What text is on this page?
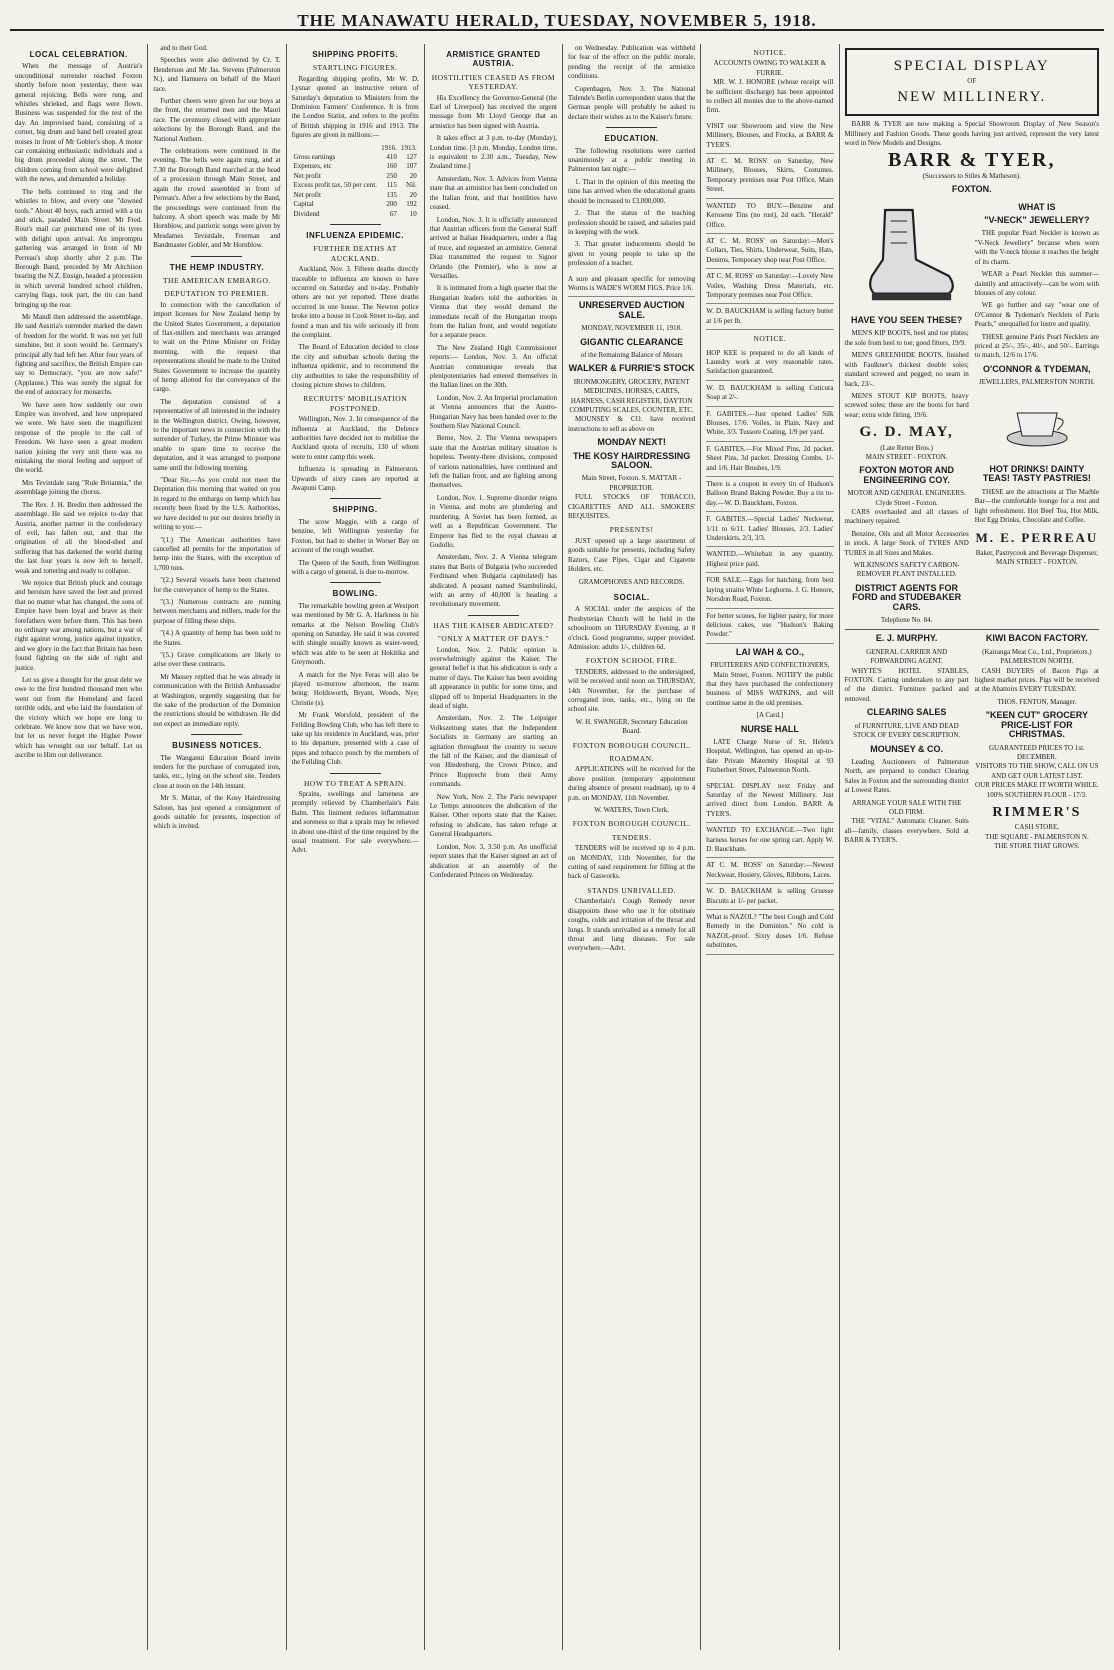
THE MANAWATU HERALD, TUESDAY, NOVEMBER 5, 1918.
LOCAL CELEBRATION.

When the message of Austria's unconditional surrender reached Foxton shortly before noon yesterday, there was general rejoicing. Bells were rung, and whistles shrieked, and flags were flown. Business was suspended for the rest of the day. An improvised band, consisting of a cornet, big drum and hand bell created great noises in front of Mr Gobler's shop. A motor car containing enthusiastic individuals and a big drum proceeded along the street. The children coming from school were delighted with the news, and demanded a holiday.

The bells continued to ring and the whistles to blow, and every one "downed tools." About 40 boys, each armed with a tin and stick, paraded Main Street. Mr Fred. Rout's mail car punctured one of its tyres with delight upon arrival. An impromptu gathering was arranged in front of Mr Perreau's shop shortly after 2 p.m. The Borough Band, preceded by Mr Aitchison bearing the N.Z. Ensign, headed a procession in which several hundred school children, carrying flags, took part, the tin can band bringing up the rear.

Mr Mandl then addressed the assemblage. He said Austria's surrender marked the dawn of freedom for the world. It was not yet full sunshine, but it soon would be. Germany's principal ally had left her. After four years of fighting and sacrifice, the British Empire can say to Democracy, "you are now safe!" (Applause.) This was surely the signal for the end of autocracy for monarchs.

We have seen how suddenly our own Empire was involved, and how unprepared we were. We have seen the magnificent response of the people to the call of Freedom. We have seen a great modern nation joining the very unit there was no mistaking the moral feeling and support of the world.

Mrs Tevistdale sang "Rule Britannia," the assemblage joining the chorus.

The Rev. J. H. Bredin then addressed the assemblage. He said we rejoice to-day that Austria, another partner in the confederacy of evil, has fallen out, and that the origination of all the blood-shed and suffering that has darkened the world during the last four years is now left to herself, weak and tottering and ready to collapse.

We rejoice that British pluck and courage and heroism have saved the feet and proved that no matter what has changed, the sons of Empire have been loyal and brave as their forefathers were before them. This has been no ordinary war among nations, but a war of right against wrong, justice against injustice, and we glory in the fact that Britain has been found fighting on the side of right and justice.

Let us give a thought for the great debt we owe to the first hundred thousand men who went out from the Homeland and faced terrible odds, and who laid the foundation of the victory which we hope ere long to celebrate. We know now that we have won, but let us never forget the Higher Power which has wrought out our behalf. Let us ascribe to Him our deliverance.

and to their God.

Speeches were also delivered by Cr. T. Henderson and Mr Jas. Stevens (Palmerston N.), and Hamuera on behalf of the Maori race.

Further cheers were given for our boys at the front, the returned men and the Maori race. The ceremony closed with appropriate selections by the Borough Band, and the National Anthem.

The celebrations were continued in the evening. The bells were again rung, and at 7.30 the Borough Band marched at the head of a procession through Main Street, and again the crowd assembled in front of Perreau's. After a few selections by the Band, the proceedings were continued from the balcony. A short speech was made by Mr Hornblow, and patriotic songs were given by Mesdames Tevistdale, Freeman and Bandmaster Gobler, and Mr Hornblow.

THE HEMP INDUSTRY.
THE AMERICAN EMBARGO.
DEPUTATION TO PREMIER.

In connection with the cancellation of import licenses for New Zealand hemp by the United States Government, a deputation of flax-millers and merchants was arranged to wait on the Prime Minister on Friday morning, with the request that representations should be made to the United States Government to increase the quantity of hemp allotted for the conveyance of the cargo.

The deputation consisted of a representative of all interested in the industry in the Wellington district. Owing, however, to the important news in connection with the surrender of Turkey, the Prime Minister was unable to spare time to receive the deputation, and it was arranged to postpone same until the following morning.

"Dear Sir,—As you could not meet the Deputation this morning that waited on you in regard to the embargo on hemp which has recently been fixed by the U.S. Authorities, we have decided to put our desires briefly in writing to you:—

"(1.) The American authorities have cancelled all permits for the importation of hemp into the States, with the exception of 1,700 tons.

"(2.) Several vessels have been chartered for the conveyance of hemp to the States.

"(3.) Numerous contracts are running between merchants and millers, made for the purpose of filling these ships.

"(4.) A quantity of hemp has been sold to the States.

"(5.) Grave complications are likely to arise over these contracts.

Mr Massey replied that he was already in communication with the British Ambassador at Washington, urgently suggesting that for the sake of the production of the Dominion the restrictions should be withdrawn. He did not expect an immediate reply.

BUSINESS NOTICES.

The Wanganui Education Board invite tenders for the purchase of corrugated iron, tanks, etc., lying on the school site. Tenders close at noon on the 14th instant.

Mr S. Mattar, of the Kosy Hairdressing Saloon, has just opened a consignment of goods suitable for presents, inspection of which is invited.

SHIPPING PROFITS.
STARTLING FIGURES.

Regarding shipping profits, Mr W. D. Lysnar quoted an instructive return of Saturday's deputation to Ministers from the Dominion Farmers' Conference. It is from the London Statist, and refers to the profits of British shipping in 1916 and 1913. The figures are given in millions:—

	1916.	1913.
Gross earnings	410	127
Expenses, etc	160	107
Net profit	250	20
Excess profit tax, 50 per cent.	115	Nil.
Net profit	135	20
Capital	200	192
Dividend	67	10
INFLUENZA EPIDEMIC.
FURTHER DEATHS AT AUCKLAND.

Auckland, Nov. 3. Fifteen deaths directly traceable to influenza are known to have occurred on Saturday and to-day. Probably others are not yet reported. Three deaths occurred in one house. The Newton police broke into a house in Cook Street to-day, and found a man and his wife seriously ill from the complaint.

The Board of Education decided to close the city and suburban schools during the influenza epidemic, and to recommend the city authorities to take the responsibility of closing picture shows to children.

RECRUITS' MOBILISATION POSTPONED.

Wellington, Nov. 3. In consequence of the influenza at Auckland, the Defence authorities have decided not to mobilise the Auckland quota of recruits, 130 of whom were to enter camp this week.

Influenza is spreading in Palmerston. Upwards of sixty cases are reported at Awapuni Camp.

SHIPPING.

The scow Maggie, with a cargo of benzine, left Wellington yesterday for Foxton, but had to shelter in Worser Bay on account of the rough weather.

The Queen of the South, from Wellington with a cargo of general, is due to-morrow.

BOWLING.

The remarkable bowling green at Westport was mentioned by Mr G. A. Harkness in his remarks at the Nelson Bowling Club's opening on Saturday. He said it was covered with shingle usually known as water-weed, which was able to be seen at Hokitika and Greymouth.

A match for the Nye Feras will also be played to-morrow afternoon, the teams being: Holdsworth, Bryant, Woods, Nye; Christie (s).

Mr Frank Worsfold, president of the Feilding Bowling Club, who has left there to take up his residence in Auckland, was, prior to his departure, presented with a case of pipes and tobacco pouch by the members of the Feilding Club.

HOW TO TREAT A SPRAIN.

Sprains, swellings and lameness are promptly relieved by Chamberlain's Pain Balm. This liniment reduces inflammation and soreness so that a sprain may be relieved in about one-third of the time required by the usual treatment. For sale everywhere.—Advt.

ARMISTICE GRANTED AUSTRIA.
HOSTILITIES CEASED AS FROM YESTERDAY.

His Excellency the Governor-General (the Earl of Liverpool) has received the urgent message from Mr Lloyd George that an armistice has been signed with Austria.

It takes effect at 3 p.m. to-day (Monday), London time. [3 p.m. Monday, London time, is equivalent to 2.30 a.m., Tuesday, New Zealand time.]

Amsterdam, Nov. 3. Advices from Vienna state that an armistice has been concluded on the Italian front, and that hostilities have ceased.

London, Nov. 3. It is officially announced that Austrian officers from the General Staff arrived at Italian Headquarters, under a flag of truce, and requested an armistice. General Diaz transmitted the request to Signor Orlando (the Premier), who is now at Versailles.

It is intimated from a high quarter that the Hungarian leaders told the authorities in Vienna that they would demand the immediate recall of the Hungarian troops from the Italian front, and would negotiate for a separate peace.

The New Zealand High Commissioner reports:— London, Nov. 3. An official Austrian communique reveals that plenipotentiaries had entered themselves in the Italian lines on the 30th.

London, Nov. 2. An Imperial proclamation at Vienna announces that the Austro-Hungarian Navy has been handed over to the Southern Slav National Council.

Berne, Nov. 2. The Vienna newspapers state that the Austrian military situation is hopeless. Twenty-three divisions, composed of various nationalities, have continued and left the Italian front, and are fighting among themselves.

London, Nov. 1. Supreme disorder reigns in Vienna, and mobs are plundering and murdering. A Soviet has been formed, as well as a Republican Government. The Emperor has fled to the royal chateau at Godollo.

Amsterdam, Nov. 2. A Vienna telegram states that Boris of Bulgaria (who succeeded Ferdinand when Bulgaria capitulated) has abdicated. A peasant named Stambulinski, with an army of 40,000 is heading a revolutionary movement.

HAS THE KAISER ABDICATED?
"ONLY A MATTER OF DAYS."

London, Nov. 2. Public opinion is overwhelmingly against the Kaiser. The general belief is that his abdication is only a matter of days. The Kaiser has been avoiding all appearance in public for some time, and slipped off to Imperial Headquarters in the dead of night.

Amsterdam, Nov. 2. The Leipsiger Volkszeitung states that the Independent Socialists in Germany are starting an agitation throughout the country to secure the fall of the Kaiser, and the dismissal of von Hindenburg, the Crown Prince, and Prince Rupprecht from their Army commands.

New York, Nov. 2. The Paris newspaper Le Temps announces the abdication of the Kaiser. Other reports state that the Kaiser, refusing to abdicate, has taken refuge at General Headquarters.

London, Nov. 3, 3.50 p.m. An unofficial report states that the Kaiser signed an act of abdication at an assembly of the Confederated Princes on Wednesday.

on Wednesday. Publication was withheld for fear of the effect on the public morale, pending the receipt of the armistice conditions.

Copenhagen, Nov. 3. The National Tidende's Berlin correspondent states that the German people will probably be asked to declare their wishes as to the Kaiser's future.

EDUCATION.

The following resolutions were carried unanimously at a public meeting in Palmerston last night:—

1. That in the opinion of this meeting the time has arrived when the educational grants should be increased to £3,000,000.

2. That the status of the teaching profession should be raised, and salaries paid in keeping with the work.

3. That greater inducements should be given to young people to take up the profession of a teacher.

A sure and pleasant specific for removing Worms is WADE'S WORM FIGS. Price 1/6.
UNRESERVED AUCTION SALE.
MONDAY, NOVEMBER 11, 1918.
GIGANTIC CLEARANCE
of the Remaining Balance of Messrs
WALKER & FURRIE'S STOCK
IRONMONGERY, GROCERY, PATENT MEDICINES, HORSES, CARTS, HARNESS, CASH REGISTER, DAYTON COMPUTING SCALES, COUNTER, ETC.

MOUNSEY & CO. have received instructions to sell as above on

MONDAY NEXT!
THE KOSY HAIRDRESSING SALOON.
Main Street, Foxton. S. MATTAR - PROPRIETOR.

FULL STOCKS OF TOBACCO, CIGARETTES AND ALL SMOKERS' REQUISITES.

PRESENTS!

JUST opened up a large assortment of goods suitable for presents, including Safety Razors, Case Pipes, Cigar and Cigarette Holders, etc.

GRAMOPHONES AND RECORDS.
SOCIAL.

A SOCIAL under the auspices of the Presbyterian Church will be held in the schoolroom on THURSDAY Evening, at 8 o'clock. Good programme, supper provided. Admission: adults 1/-, children 6d.

FOXTON SCHOOL FIRE.

TENDERS, addressed to the undersigned, will be received until noon on THURSDAY, 14th November, for the purchase of corrugated iron, tanks, etc., lying on the school site.

W. H. SWANGER, Secretary Education Board.
FOXTON BOROUGH COUNCIL.
ROADMAN.

APPLICATIONS will be received for the above position (temporary appointment during absence of present roadman), up to 4 p.m. on MONDAY, 11th November.

W. WATERS, Town Clerk.
FOXTON BOROUGH COUNCIL.
TENDERS.

TENDERS will be received up to 4 p.m. on MONDAY, 11th November, for the cutting of sand requirement for filling at the back of Gasworks.

STANDS UNRIVALLED.

Chamberlain's Cough Remedy never disappoints those who use it for obstinate coughs, colds and irritation of the throat and lungs. It stands unrivalled as a remedy for all throat and lung diseases. For sale everywhere.—Advt.

NOTICE.
ACCOUNTS OWING TO WALKER & FURRIE.

MR. W. J. HONORE (whose receipt will be sufficient discharge) has been appointed to collect all monies due to the above-named firm.

VISIT our Showroom and view the New Millinery, Blouses, and Frocks, at BARR & TYER'S.
AT C. M. ROSS' on Saturday, New Millinery, Blouses, Skirts, Costumes. Temporary premises near Post Office, Main Street.
WANTED TO BUY.—Benzine and Kerosene Tins (no rust), 2d each. "Herald" Office.
AT C. M. ROSS' on Saturday:—Men's Collars, Ties, Shirts, Underwear, Suits, Hats, Denims, Temporary shop near Post Office.
AT C. M. ROSS' on Saturday:—Lovely New Voiles, Washing Dress Materials, etc. Temporary premises near Post Office.
W. D. BAUCKHAM is selling factory butter at 1/6 per lb.
NOTICE.
HOP KEE is prepared to do all kinds of Laundry work at very reasonable rates. Satisfaction guaranteed.
W. D. BAUCKHAM is selling Cuticura Soap at 2/-.
F. GABITES.—Just opened Ladies' Silk Blouses, 17/6. Voiles, in Plain, Navy and White, 3/3. Tussore Coating, 1/9 per yard.
F. GABITES.—For Mixed Pins, 2d packet. Sheet Pins, 3d packet. Dressing Combs, 1/- and 1/6. Hair Brushes, 1/9.
There is a coupon in every tin of Hudson's Balloon Brand Baking Powder. Buy a tin to-day.—W. D. Bauckham, Foxton.
F. GABITES.—Special Ladies' Neckwear, 1/11 to 6/11. Ladies' Blouses, 2/3. Ladies' Underskirts, 2/3, 3/3.
WANTED.—Whitebait in any quantity. Highest price paid.
FOR SALE.—Eggs for hatching, from best laying strains White Leghorns. J. G. Honore, Norsdon Road, Foxton.
For better scones, for lighter pastry, for more delicious cakes, use "Hudson's Baking Powder."
LAI WAH & CO.,
FRUITERERS AND CONFECTIONERS,

Main Street, Foxton. NOTIFY the public that they have purchased the confectionery business of MISS WATKINS, and will continue same in the old premises.

[A Card.]
NURSE HALL

LATE Charge Nurse of St. Helen's Hospital, Wellington, has opened an up-to-date Private Maternity Hospital at 93 Fitzherbert Street, Palmerston North.

SPECIAL DISPLAY next Friday and Saturday of the Newest Millinery. Just arrived direct from London. BARR & TYER'S.
WANTED TO EXCHANGE.—Two light harness horses for one spring cart. Apply W. D. Bauckham.
AT C. M. ROSS' on Saturday:—Newest Neckwear, Hosiery, Gloves, Ribbons, Laces.
W. D. BAUCKHAM is selling Gruesse Biscuits at 1/- per packet.
What is NAZOL? "The best Cough and Cold Remedy in the Dominion." No cold is NAZOL-proof. Sixty doses 1/6. Refuse substitutes.
SPECIAL DISPLAY
OF
NEW MILLINERY.

BARR & TYER are now making a Special Showroom Display of New Season's Millinery and Fashion Goods. These goods having just arrived, represent the very latest word in New Models and Designs.

BARR & TYER,
(Successors to Stiles & Matheson).
FOXTON.
HAVE YOU SEEN THESE?

MEN'S KIP BOOTS, heel and toe plates; the sole from heel to toe; good fitters, 19/9.

MEN'S GREENHIDE BOOTS, finished with Faulkner's thickest double soles; standard screwed and pegged; no seam in back, 23/-.

MEN'S STOUT KIP BOOTS, heavy screwed soles; these are the boots for hard wear; extra wide fitting, 19/6.

G. D. MAY,
(Late Retter Bros.)
MAIN STREET - FOXTON.
FOXTON MOTOR AND ENGINEERING COY.
MOTOR AND GENERAL ENGINEERS.
Clyde Street - Foxton.

CARS overhauled and all classes of machinery repaired.

Benzine, Oils and all Motor Accessories in stock. A large Stock of TYRES AND TUBES in all Sizes and Makes.

WILKINSON'S SAFETY CARBON-REMOVER PLANT INSTALLED.
DISTRICT AGENTS FOR FORD and STUDEBAKER CARS.
Telephone No. 84.
WHAT IS
"V-NECK" JEWELLERY?

THE popular Pearl Necklet is known as "V-Neck Jewellery" because when worn with the V-neck blouse it reaches the height of its charm.

WEAR a Pearl Necklet this summer—daintily and attractively—can be worn with blouses of any colour.

WE go further and say "wear one of O'Connor & Tydeman's Necklets of Paris Pearls," unequalled for lustre and quality.

THESE genuine Paris Pearl Necklets are priced at 25/-, 35/-, 40/-, and 50/-. Earrings to match, 12/6 to 17/6.

O'CONNOR & TYDEMAN,
JEWELLERS, PALMERSTON NORTH.
HOT DRINKS! DAINTY TEAS! TASTY PASTRIES!

THESE are the attractions at The Marble Bar—the comfortable lounge for a rest and light refreshment. Hot Beef Tea, Hot Milk, Hot Egg Drinks, Chocolate and Coffee.

M. E. PERREAU
Baker, Pastrycook and Beverage Dispenser,
MAIN STREET - FOXTON.
E. J. MURPHY.
GENERAL CARRIER AND FORWARDING AGENT.

WHYTE'S HOTEL STABLES, FOXTON. Carting undertaken to any part of the district. Furniture packed and removed.

CLEARING SALES
of FURNITURE, LIVE AND DEAD STOCK OF EVERY DESCRIPTION.
MOUNSEY & CO.

Leading Auctioneers of Palmerston North, are prepared to conduct Clearing Sales in Foxton and the surrounding district at Lowest Rates.

ARRANGE YOUR SALE WITH THE OLD FIRM.

THE "VITAL" Automatic Cleaner. Suits all—family, classes everywhere. Sold at BARR & TYER'S.

KIWI BACON FACTORY.
(Kairanga Meat Co., Ltd., Proprietors.)
PALMERSTON NORTH.

CASH BUYERS of Bacon Pigs at highest market prices. Pigs will be received at the Abattoirs EVERY TUESDAY.

THOS. FENTON, Manager.
"KEEN CUT" GROCERY PRICE-LIST FOR CHRISTMAS.
GUARANTEED PRICES TO 1st. DECEMBER.
VISITORS TO THE SHOW, CALL ON US AND GET OUR LATEST LIST.
OUR PRICES MAKE IT WORTH WHILE.
100% SOUTHERN FLOUR - 17/3.
RIMMER'S
CASH STORE,
THE SQUARE - PALMERSTON N.
THE STORE THAT GROWS.
